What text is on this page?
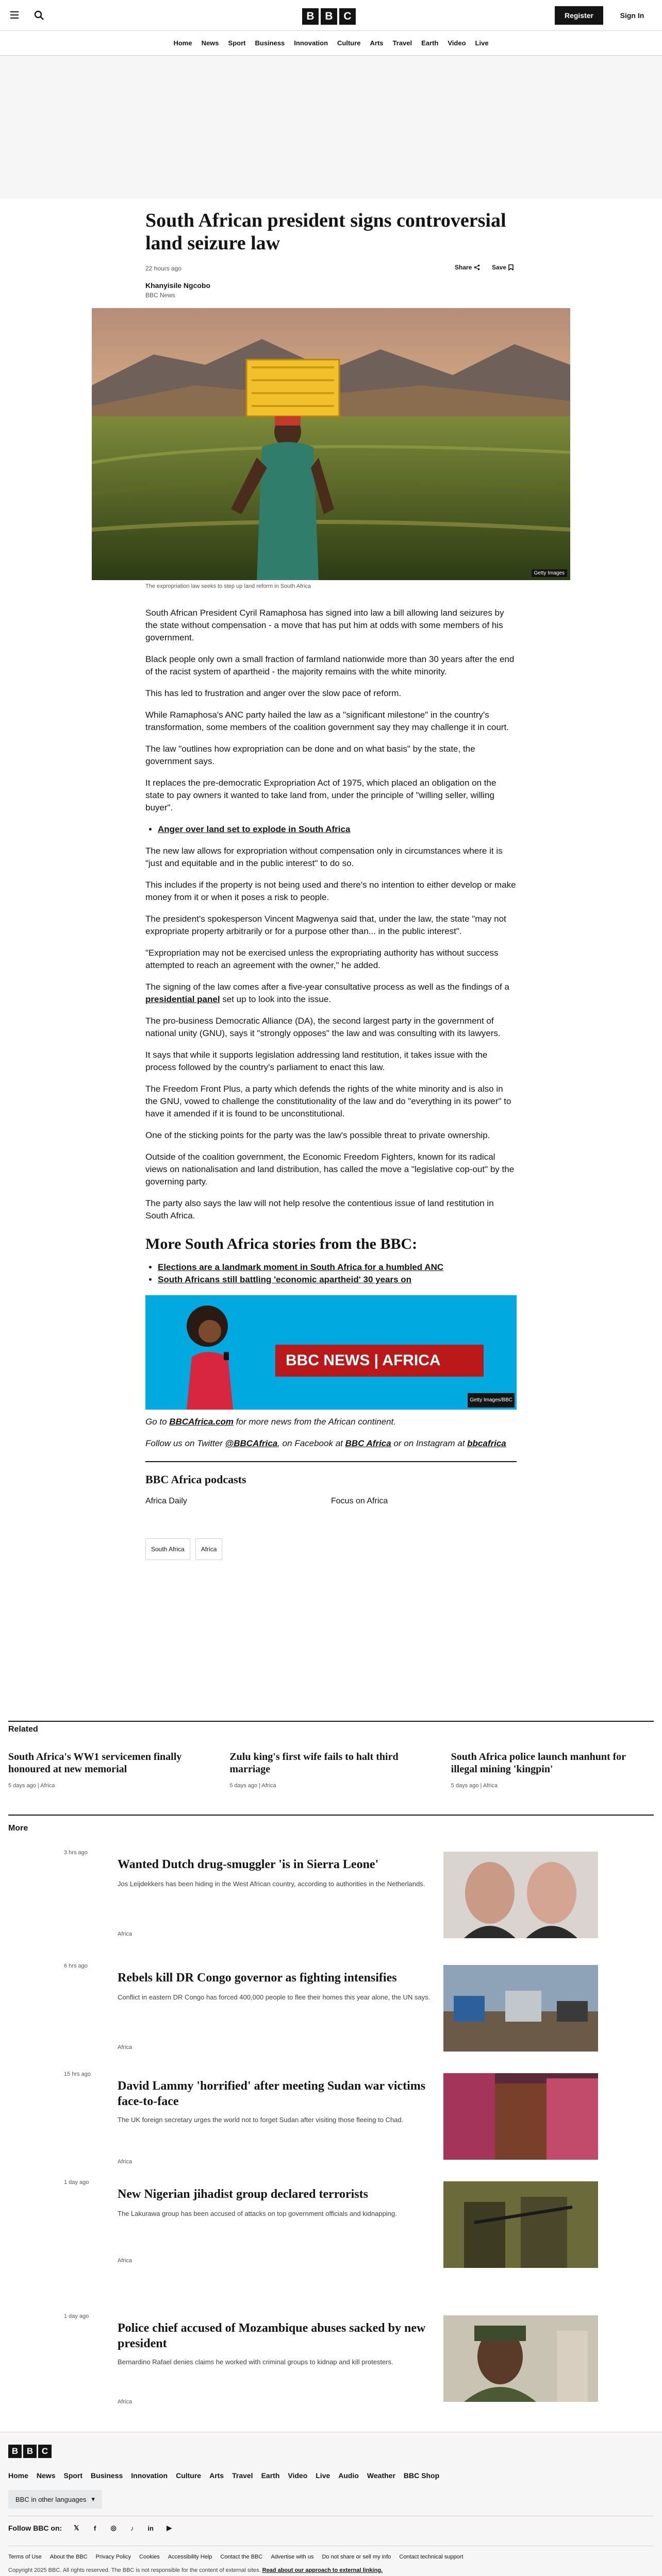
B B C	Register	Sign In
Home News Sport Business Innovation Culture Arts Travel Earth Video Live
South African president signs controversial land seizure law
22 hours ago	Share	Save
Khanyisile Ngcobo
BBC News
Getty Images
The expropriation law seeks to step up land reform in South Africa

South African President Cyril Ramaphosa has signed into law a bill allowing land seizures by the state without compensation - a move that has put him at odds with some members of his government.

Black people only own a small fraction of farmland nationwide more than 30 years after the end of the racist system of apartheid - the majority remains with the white minority.

This has led to frustration and anger over the slow pace of reform.

While Ramaphosa's ANC party hailed the law as a "significant milestone" in the country's transformation, some members of the coalition government say they may challenge it in court.

The law "outlines how expropriation can be done and on what basis" by the state, the government says.

It replaces the pre-democratic Expropriation Act of 1975, which placed an obligation on the state to pay owners it wanted to take land from, under the principle of "willing seller, willing buyer".

• Anger over land set to explode in South Africa

The new law allows for expropriation without compensation only in circumstances where it is "just and equitable and in the public interest" to do so.

This includes if the property is not being used and there's no intention to either develop or make money from it or when it poses a risk to people.

The president's spokesperson Vincent Magwenya said that, under the law, the state "may not expropriate property arbitrarily or for a purpose other than... in the public interest".

"Expropriation may not be exercised unless the expropriating authority has without success attempted to reach an agreement with the owner," he added.

The signing of the law comes after a five-year consultative process as well as the findings of a presidential panel set up to look into the issue.

The pro-business Democratic Alliance (DA), the second largest party in the government of national unity (GNU), says it "strongly opposes" the law and was consulting with its lawyers.

It says that while it supports legislation addressing land restitution, it takes issue with the process followed by the country's parliament to enact this law.

The Freedom Front Plus, a party which defends the rights of the white minority and is also in the GNU, vowed to challenge the constitutionality of the law and do "everything in its power" to have it amended if it is found to be unconstitutional.

One of the sticking points for the party was the law's possible threat to private ownership.

Outside of the coalition government, the Economic Freedom Fighters, known for its radical views on nationalisation and land distribution, has called the move a "legislative cop-out" by the governing party.

The party also says the law will not help resolve the contentious issue of land restitution in South Africa.

More South Africa stories from the BBC:
• Elections are a landmark moment in South Africa for a humbled ANC
• South Africans still battling 'economic apartheid' 30 years on
BBC NEWS | AFRICA
Getty Images/BBC

Go to BBCAfrica.com for more news from the African continent.

Follow us on Twitter @BBCAfrica, on Facebook at BBC Africa or on Instagram at bbcafrica

BBC Africa podcasts
Africa Daily	Focus on Africa
South Africa	Africa
Related
South Africa's WW1 servicemen finally honoured at new memorial
5 days ago | Africa
Zulu king's first wife fails to halt third marriage
5 days ago | Africa
South Africa police launch manhunt for illegal mining 'kingpin'
5 days ago | Africa
More
3 hrs ago
Wanted Dutch drug-smuggler 'is in Sierra Leone'
Jos Leijdekkers has been hiding in the West African country, according to authorities in the Netherlands.
Africa
6 hrs ago
Rebels kill DR Congo governor as fighting intensifies
Conflict in eastern DR Congo has forced 400,000 people to flee their homes this year alone, the UN says.
Africa
15 hrs ago
David Lammy 'horrified' after meeting Sudan war victims face-to-face
The UK foreign secretary urges the world not to forget Sudan after visiting those fleeing to Chad.
Africa
1 day ago
New Nigerian jihadist group declared terrorists
The Lakurawa group has been accused of attacks on top government officials and kidnapping.
Africa
1 day ago
Police chief accused of Mozambique abuses sacked by new president
Bernardino Rafael denies claims he worked with criminal groups to kidnap and kill protesters.
Africa
B B C
Home News Sport Business Innovation Culture Arts Travel Earth Video Live Audio Weather BBC Shop
BBC in other languages ▾
Follow BBC on: 𝕏	f	◎	♪	in ▶
Terms of Use About the BBC Privacy Policy Cookies Accessibility Help Contact the BBC Advertise with us Do not share or sell my info Contact technical support
Copyright 2025 BBC. All rights reserved. The BBC is not responsible for the content of external sites. Read about our approach to external linking.
